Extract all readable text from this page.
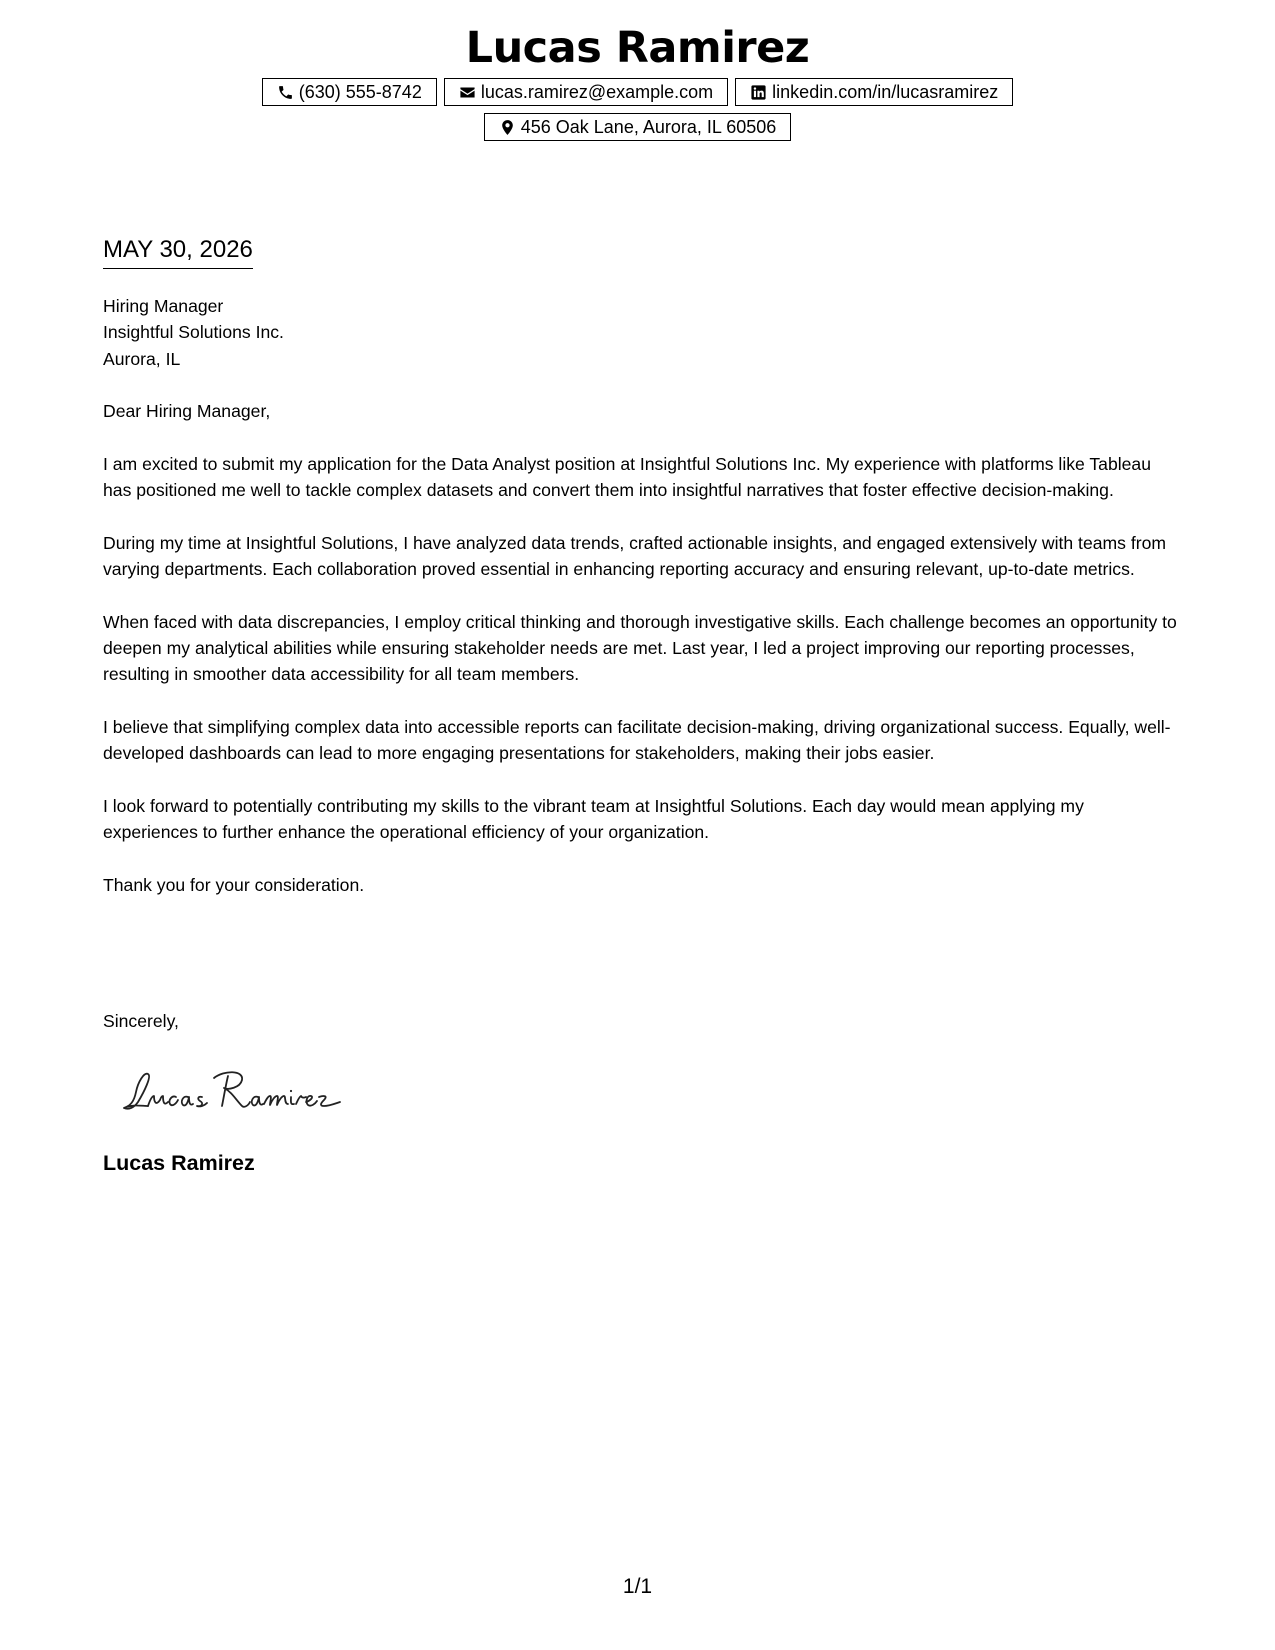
Lucas Ramirez
(630) 555-8742	lucas.ramirez@example.com	linkedin.com/in/lucasramirez
456 Oak Lane, Aurora, IL 60506
MAY 30, 2026
Hiring Manager
Insightful Solutions Inc.
Aurora, IL

Dear Hiring Manager,

I am excited to submit my application for the Data Analyst position at Insightful Solutions Inc. My experience with platforms like Tableau has positioned me well to tackle complex datasets and convert them into insightful narratives that foster effective decision-making.

During my time at Insightful Solutions, I have analyzed data trends, crafted actionable insights, and engaged extensively with teams from varying departments. Each collaboration proved essential in enhancing reporting accuracy and ensuring relevant, up-to-date metrics.

When faced with data discrepancies, I employ critical thinking and thorough investigative skills. Each challenge becomes an opportunity to deepen my analytical abilities while ensuring stakeholder needs are met. Last year, I led a project improving our reporting processes, resulting in smoother data accessibility for all team members.

I believe that simplifying complex data into accessible reports can facilitate decision-making, driving organizational success. Equally, well-developed dashboards can lead to more engaging presentations for stakeholders, making their jobs easier.

I look forward to potentially contributing my skills to the vibrant team at Insightful Solutions. Each day would mean applying my experiences to further enhance the operational efficiency of your organization.

Thank you for your consideration.

Sincerely,
Lucas Ramirez
1/1
